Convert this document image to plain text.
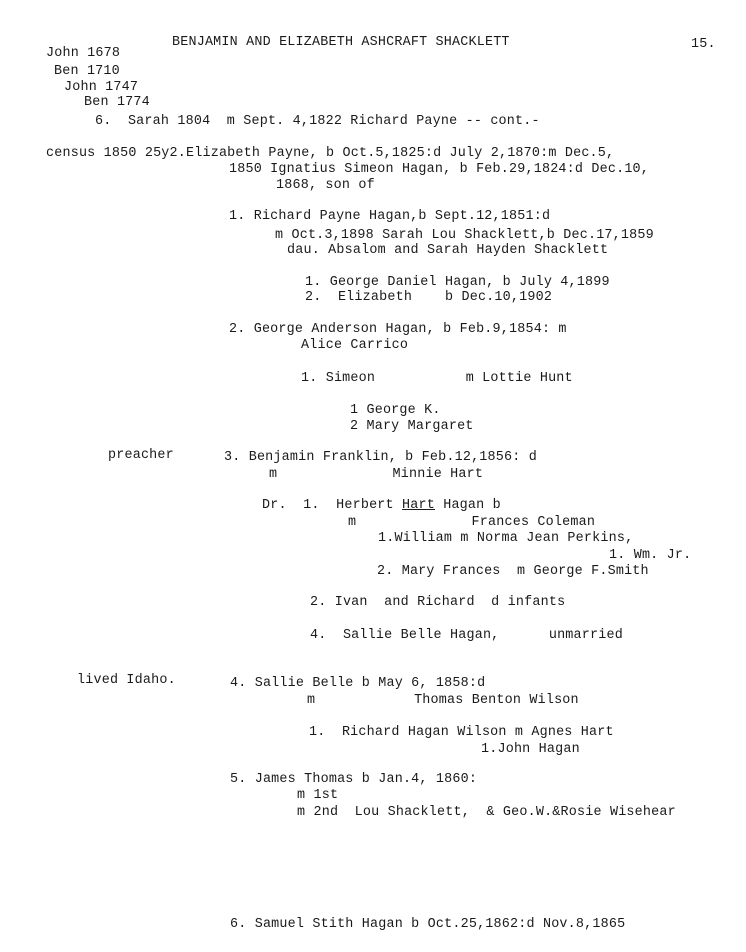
BENJAMIN AND ELIZABETH ASHCRAFT SHACKLETT	15.
John 1678
Ben 1710
John 1747
Ben 1774
6.  Sarah 1804  m Sept. 4,1822 Richard Payne -- cont.-
census 1850 25y2.Elizabeth Payne, b Oct.5,1825:d July 2,1870:m Dec.5,
1850 Ignatius Simeon Hagan, b Feb.29,1824:d Dec.10,
1868, son of
1. Richard Payne Hagan,b Sept.12,1851:d
m Oct.3,1898 Sarah Lou Shacklett,b Dec.17,1859
dau. Absalom and Sarah Hayden Shacklett
1. George Daniel Hagan, b July 4,1899
2.  Elizabeth    b Dec.10,1902
2. George Anderson Hagan, b Feb.9,1854: m
Alice Carrico
1. Simeon           m Lottie Hunt
1 George K.
2 Mary Margaret
preacher	3. Benjamin Franklin, b Feb.12,1856: d
m              Minnie Hart
Dr.  1.  Herbert Hart Hagan b
m              Frances Coleman
1.William m Norma Jean Perkins,
1. Wm. Jr.
2. Mary Frances  m George F.Smith
2. Ivan  and Richard  d infants
4.  Sallie Belle Hagan,      unmarried
lived Idaho.	4. Sallie Belle b May 6, 1858:d
m            Thomas Benton Wilson
1.  Richard Hagan Wilson m Agnes Hart
1.John Hagan
5. James Thomas b Jan.4, 1860:
m 1st
m 2nd  Lou Shacklett,  & Geo.W.&Rosie Wisehear
6. Samuel Stith Hagan b Oct.25,1862:d Nov.8,1865
